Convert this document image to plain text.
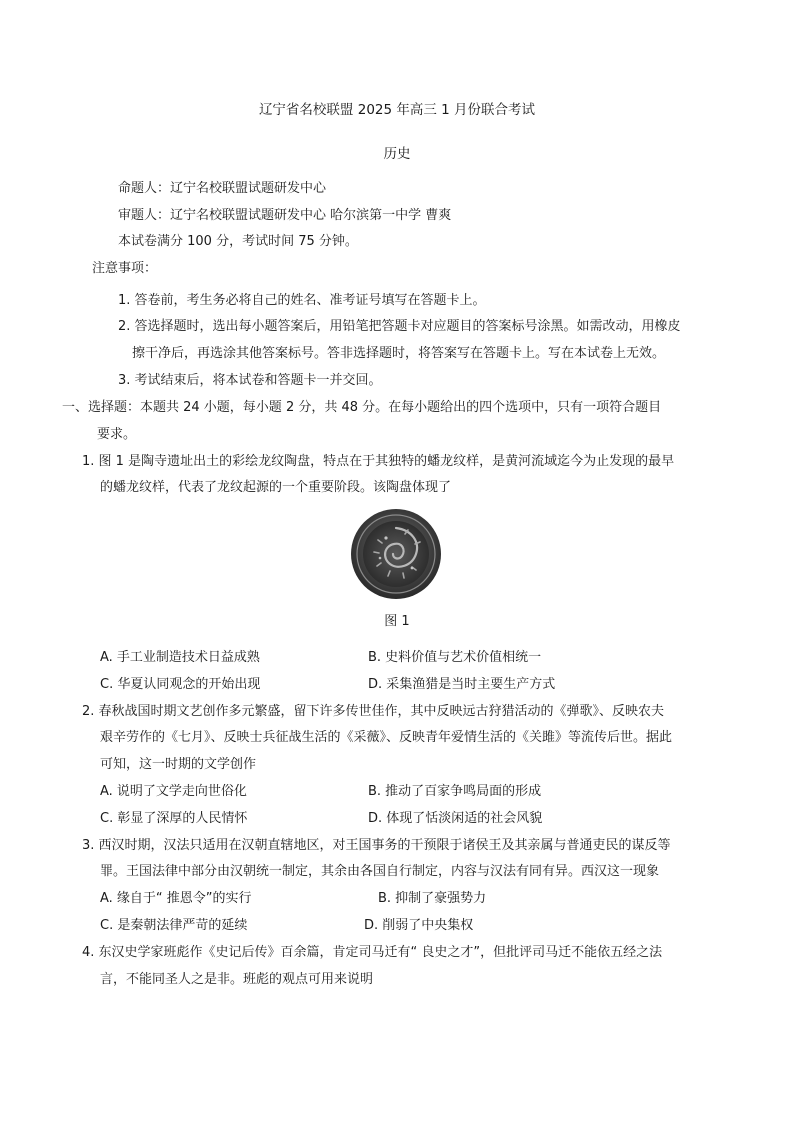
辽宁省名校联盟 2025 年高三 1 月份联合考试
历史
命题人：辽宁名校联盟试题研发中心
审题人：辽宁名校联盟试题研发中心 哈尔滨第一中学 曹爽
本试卷满分 100 分，考试时间 75 分钟。
注意事项：
1. 答卷前，考生务必将自己的姓名、准考证号填写在答题卡上。
2. 答选择题时，选出每小题答案后，用铅笔把答题卡对应题目的答案标号涂黑。如需改动，用橡皮
擦干净后，再选涂其他答案标号。答非选择题时，将答案写在答题卡上。写在本试卷上无效。
3. 考试结束后，将本试卷和答题卡一并交回。
一、选择题：本题共 24 小题，每小题 2 分，共 48 分。在每小题给出的四个选项中，只有一项符合题目
要求。
1. 图 1 是陶寺遗址出土的彩绘龙纹陶盘，特点在于其独特的蟠龙纹样，是黄河流域迄今为止发现的最早
的蟠龙纹样，代表了龙纹起源的一个重要阶段。该陶盘体现了
图 1
A. 手工业制造技术日益成熟	B. 史料价值与艺术价值相统一
C. 华夏认同观念的开始出现	D. 采集渔猎是当时主要生产方式
2. 春秋战国时期文艺创作多元繁盛，留下许多传世佳作，其中反映远古狩猎活动的《弹歌》、反映农夫
艰辛劳作的《七月》、反映士兵征战生活的《采薇》、反映青年爱情生活的《关雎》等流传后世。据此
可知，这一时期的文学创作
A. 说明了文学走向世俗化	B. 推动了百家争鸣局面的形成
C. 彰显了深厚的人民情怀	D. 体现了恬淡闲适的社会风貌
3. 西汉时期，汉法只适用在汉朝直辖地区，对王国事务的干预限于诸侯王及其亲属与普通吏民的谋反等
罪。王国法律中部分由汉朝统一制定，其余由各国自行制定，内容与汉法有同有异。西汉这一现象
A. 缘自于“ 推恩令”的实行	B. 抑制了豪强势力
C. 是秦朝法律严苛的延续	D. 削弱了中央集权
4. 东汉史学家班彪作《史记后传》百余篇，肯定司马迁有“ 良史之才”，但批评司马迁不能依五经之法
言，不能同圣人之是非。班彪的观点可用来说明
